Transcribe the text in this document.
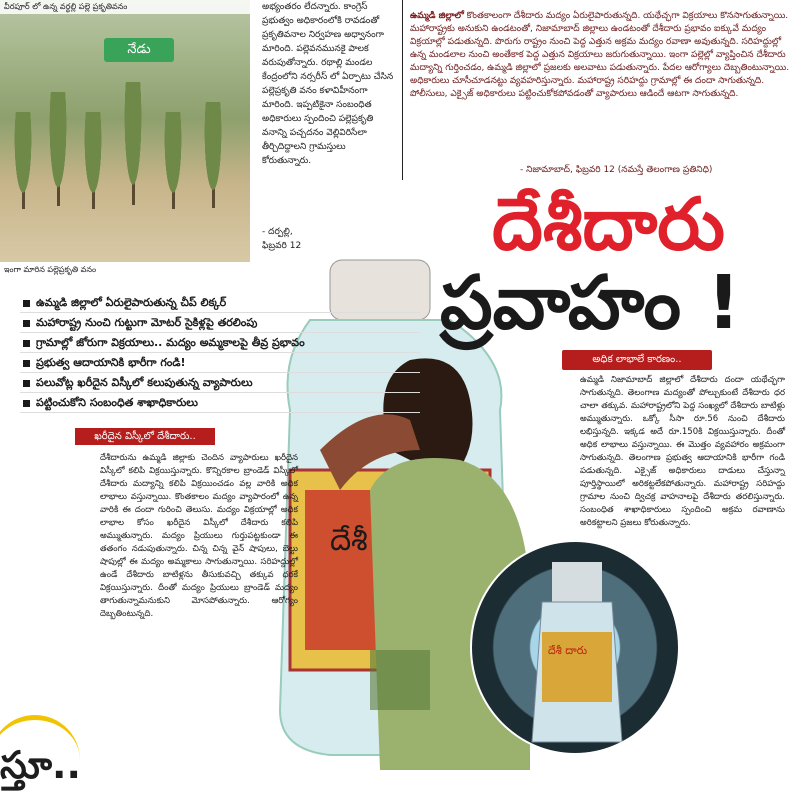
వీరపూర్ లో ఉన్న వర్థల్లి పల్లె ప్రకృతివనం
నేడు
ఇంగా మారిన పల్లెప్రకృతి వనం

అభ్యంతరం లేదన్నారు. కాంగ్రెస్ ప్రభుత్వం అధికారంలోకి రావడంతో ప్రకృతివనాల నిర్వహణ అధ్వానంగా మారింది. పల్లెవనమునకై పాలక వరుపుతోన్నారు. రథాల్లి మండల కేంద్రంలోని నర్సరీస్ లో ఏర్పాటు చేసిన పల్లెప్రకృతి వనం కళావిహీనంగా మారింది. ఇప్పటికైనా సంబంధిత అధికారులు స్పందించి పల్లెప్రకృతి వనాన్ని పచ్చదనం వెల్లివిరిసేలా తీర్చిదిద్దాలని గ్రామస్తులు కోరుతున్నారు.

- దర్పల్లి,
ఫిబ్రవరి 12
ఉమ్మడి జిల్లాలో కొంతకాలంగా దేశీదారు మద్యం ఏరులైపారుతున్నది. యథేచ్ఛగా విక్రయాలు కొనసాగుతున్నాయి. మహారాష్ట్రకు అనుకుని ఉండటంతో, నిజామాబాద్ జిల్లాలు ఉండటంతో దేశీదారు ప్రభావం ఐక్కువే మద్యం విక్రయాల్లో పడుతున్నది. పొరుగు రాష్ట్రం నుంచి పెద్ద ఎత్తున అక్రమ మద్యం రవాణా అవుతున్నది. సరిహద్దుల్లో ఉన్న మండలాల నుంచి అంతేకాక పెద్ద ఎత్తున విక్రయాలు జరుగుతున్నాయి. ఇంగా పల్లెల్లో వ్యాప్తించిన దేశీదారు మద్యాన్ని గుర్తించడం, ఉమ్మడి జిల్లాలో ప్రజలకు అలవాటు పడుతున్నారు. పేదల ఆరోగ్యాలు దెబ్బతింటున్నాయి. అధికారులు చూసీచూడనట్టు వ్యవహరిస్తున్నారు. మహారాష్ట్ర సరిహద్దు గ్రామాల్లో ఈ దందా సాగుతున్నది. పోలీసులు, ఎక్సైజ్ అధికారులు పట్టించుకోకపోవడంతో వ్యాపారులు ఆడిందే ఆటగా సాగుతున్నది.
- నిజామాబాద్, ఫిబ్రవరి 12 (నమస్తే తెలంగాణ ప్రతినిధి)
దేశీ
దేశీదారు
ప్రవాహం !
అధిక లాభాలే కారణం..
ఉమ్మడి జిల్లాలో ఏరులైపారుతున్న చీప్ లిక్కర్
మహారాష్ట్ర నుంచి గుట్టుగా మోటర్ సైకిళ్లపై తరలింపు
గ్రామాల్లో జోరుగా విక్రయాలు.. మద్యం అమ్మకాలపై తీవ్ర ప్రభావం
ప్రభుత్వ ఆదాయానికి భారీగా గండి!
పలువోట్ల ఖరీదైన విస్కీలో కలుపుతున్న వ్యాపారులు
పట్టించుకోని సంబంధిత శాఖాధికారులు
ఖరీదైన విస్కీలో దేశీదారు..
దేశీదారును ఉమ్మడి జిల్లాకు చెందిన వ్యాపారులు ఖరీదైన విస్కీలో కలిపి విక్రయిస్తున్నారు. కొన్నిరకాల బ్రాండెడ్ విస్కీలో దేశీదారు మద్యాన్ని కలిపి విక్రయించడం వల్ల వారికి అధిక లాభాలు వస్తున్నాయి. కొంతకాలం మద్యం వ్యాపారంలో ఉన్న వారికి ఈ దందా గురించి తెలుసు. మద్యం విక్రయాల్లో అధిక లాభాల కోసం ఖరీదైన విస్కీలో దేశీదారు కలిపి అమ్ముతున్నారు. మద్యం ప్రియులు గుర్తుపట్టకుండా ఈ తతంగం నడుపుతున్నారు. చిన్న చిన్న వైన్ షాపులు, బెల్టు షాపుల్లో ఈ మద్యం అమ్మకాలు సాగుతున్నాయి. సరిహద్దుల్లో ఉండే దేశీదారు బాటిళ్లను తీసుకువచ్చి తక్కువ ధరకే విక్రయిస్తున్నారు. దీంతో మద్యం ప్రియులు బ్రాండెడ్ మద్యం తాగుతున్నామనుకుని మోసపోతున్నారు. ఆరోగ్యం దెబ్బతింటున్నది.
ఉమ్మడి నిజామాబాద్ జిల్లాలో దేశీదారు దందా యథేచ్ఛగా సాగుతున్నది. తెలంగాణ మద్యంతో పోల్చుకుంటే దేశీదారు ధర చాలా తక్కువ. మహారాష్ట్రలోని పెద్ద సంఖ్యలో దేశీదారు బాటిళ్లు అమ్ముతున్నారు. ఒక్కో సీసా రూ.56 నుంచి దేశీదారు లభిస్తున్నది. ఇక్కడ అదే రూ.150కి విక్రయిస్తున్నారు. దీంతో అధిక లాభాలు వస్తున్నాయి. ఈ మొత్తం వ్యవహారం అక్రమంగా సాగుతున్నది. తెలంగాణ ప్రభుత్వ ఆదాయానికి భారీగా గండి పడుతున్నది. ఎక్సైజ్ అధికారులు దాడులు చేస్తున్నా పూర్తిస్థాయిలో అరికట్టలేకపోతున్నారు. మహారాష్ట్ర సరిహద్దు గ్రామాల నుంచి ద్విచక్ర వాహనాలపై దేశీదారు తరలిస్తున్నారు. సంబంధిత శాఖాధికారులు స్పందించి అక్రమ రవాణాను అరికట్టాలని ప్రజలు కోరుతున్నారు.
దేశీ దారు
స్తూ..
